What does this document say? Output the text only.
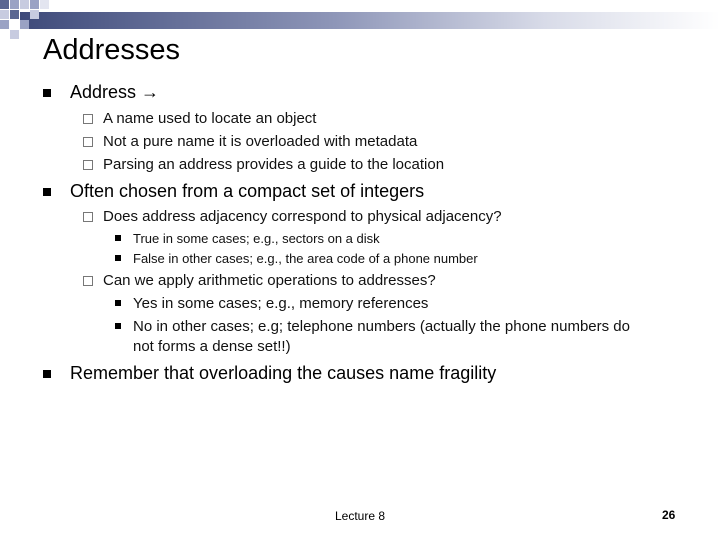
Addresses
Address →
A name used to locate an object
Not a pure name it is overloaded with metadata
Parsing an address provides a guide to the location
Often chosen from a compact set of integers
Does address adjacency correspond to physical adjacency?
True in some cases; e.g., sectors on a disk
False in other cases; e.g., the area code of a phone number
Can we apply arithmetic operations to addresses?
Yes in some cases; e.g., memory references
No in other cases; e.g; telephone numbers (actually the phone numbers do
not forms a dense set!!)
Remember that overloading the causes name fragility
Lecture 8	26
